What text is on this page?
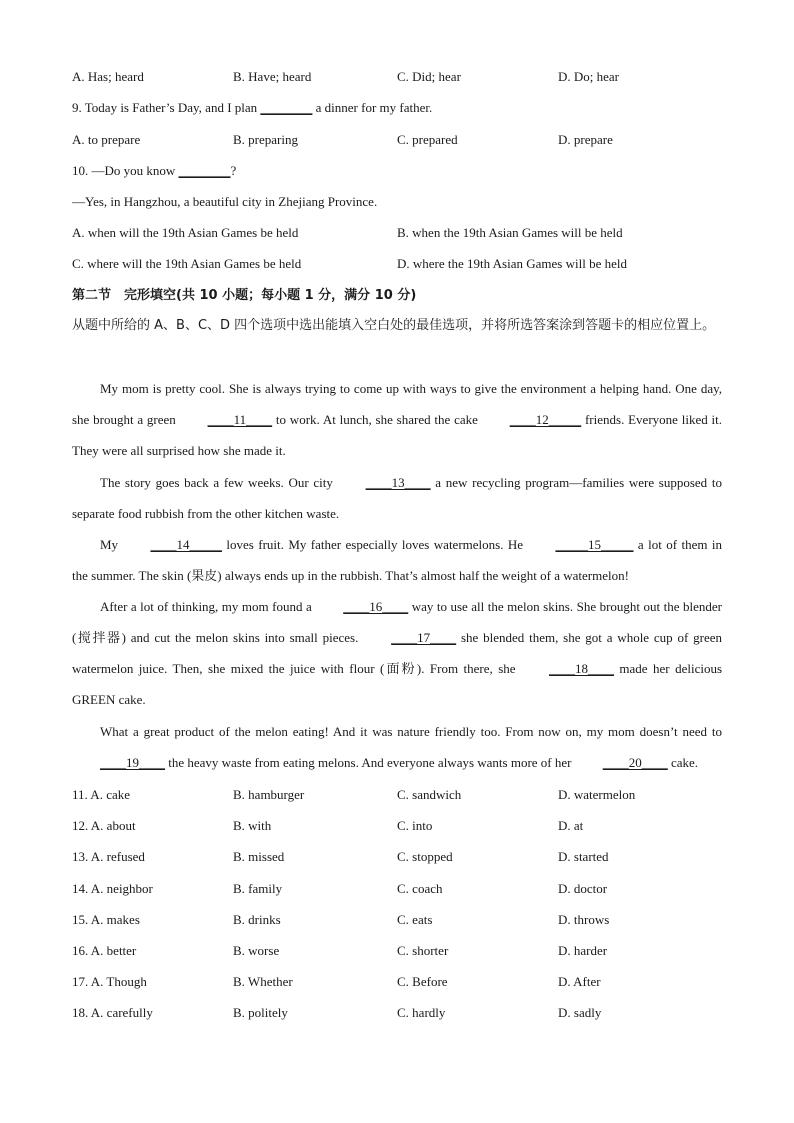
A. Has; heard	B. Have; heard	C. Did; hear	D. Do; hear
9. Today is Father’s Day, and I plan ________ a dinner for my father.
A. to prepare	B. preparing	C. prepared	D. prepare
10. —Do you know ________?
—Yes, in Hangzhou, a beautiful city in Zhejiang Province.
A. when will the 19th Asian Games be held	B. when the 19th Asian Games will be held
C. where will the 19th Asian Games be held	D. where the 19th Asian Games will be held
第二节　完形填空(共 10 小题；每小题 1 分，满分 10 分)
从题中所给的 A、B、C、D 四个选项中选出能填入空白处的最佳选项，并将所选答案涂到答题卡的相应位置上。
My mom is pretty cool. She is always trying to come up with ways to give the environment a helping hand. One day, she brought a green ____11____ to work. At lunch, she shared the cake ____12_____ friends. Everyone liked it. They were all surprised how she made it.
The story goes back a few weeks. Our city ____13____ a new recycling program—families were supposed to separate food rubbish from the other kitchen waste.
My ____14_____ loves fruit. My father especially loves watermelons. He _____15_____ a lot of them in the summer. The skin (果皮) always ends up in the rubbish. That’s almost half the weight of a watermelon!
After a lot of thinking, my mom found a ____16____ way to use all the melon skins. She brought out the blender (搅拌器) and cut the melon skins into small pieces. ____17____ she blended them, she got a whole cup of green watermelon juice. Then, she mixed the juice with flour (面粉). From there, she ____18____ made her delicious GREEN cake.
What a great product of the melon eating! And it was nature friendly too. From now on, my mom doesn’t need to ____19____ the heavy waste from eating melons. And everyone always wants more of her ____20____ cake.
11. A. cake	B. hamburger	C. sandwich	D. watermelon
12. A. about	B. with	C. into	D. at
13. A. refused	B. missed	C. stopped	D. started
14. A. neighbor	B. family	C. coach	D. doctor
15. A. makes	B. drinks	C. eats	D. throws
16. A. better	B. worse	C. shorter	D. harder
17. A. Though	B. Whether	C. Before	D. After
18. A. carefully	B. politely	C. hardly	D. sadly
